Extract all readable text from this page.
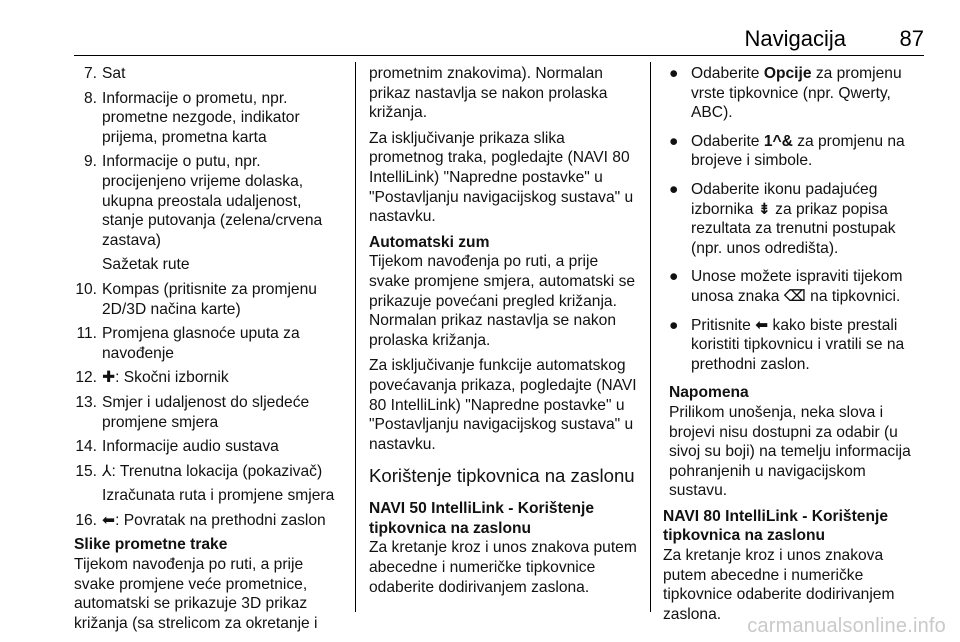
Navigacija 87
7. Sat
8. Informacije o prometu, npr. prometne nezgode, indikator prijema, prometna karta
9. Informacije o putu, npr. procijenjeno vrijeme dolaska, ukupna preostala udaljenost, stanje putovanja (zelena/crvena zastava)
Sažetak rute
10. Kompas (pritisnite za promjenu 2D/3D načina karte)
11. Promjena glasnoće uputa za navođenje
12. ✚: Skočni izbornik
13. Smjer i udaljenost do sljedeće promjene smjera
14. Informacije audio sustava
15. ⅄: Trenutna lokacija (pokazivač)
Izračunata ruta i promjene smjera
16. ⬅: Povratak na prethodni zaslon
Slike prometne trake

Tijekom navođenja po ruti, a prije svake promjene veće prometnice, automatski se prikazuje 3D prikaz križanja (sa strelicom za okretanje i

prometnim znakovima). Normalan prikaz nastavlja se nakon prolaska križanja.

Za isključivanje prikaza slika prometnog traka, pogledajte (NAVI 80 IntelliLink) "Napredne postavke" u "Postavljanju navigacijskog sustava" u nastavku.

Automatski zum

Tijekom navođenja po ruti, a prije svake promjene smjera, automatski se prikazuje povećani pregled križanja. Normalan prikaz nastavlja se nakon prolaska križanja.

Za isključivanje funkcije automatskog povećavanja prikaza, pogledajte (NAVI 80 IntelliLink) "Napredne postavke" u "Postavljanju navigacijskog sustava" u nastavku.

Korištenje tipkovnica na zaslonu
NAVI 50 IntelliLink - Korištenje tipkovnica na zaslonu

Za kretanje kroz i unos znakova putem abecedne i numeričke tipkovnice odaberite dodirivanjem zaslona.

● Odaberite Opcije za promjenu vrste tipkovnice (npr. Qwerty, ABC).
● Odaberite 1^& za promjenu na brojeve i simbole.
● Odaberite ikonu padajućeg izbornika ⇟ za prikaz popisa rezultata za trenutni postupak (npr. unos odredišta).
● Unose možete ispraviti tijekom unosa znaka ⌫ na tipkovnici.
● Pritisnite ⬅ kako biste prestali koristiti tipkovnicu i vratili se na prethodni zaslon.
Napomena
Prilikom unošenja, neka slova i brojevi nisu dostupni za odabir (u sivoj su boji) na temelju informacija pohranjenih u navigacijskom sustavu.
NAVI 80 IntelliLink - Korištenje tipkovnica na zaslonu

Za kretanje kroz i unos znakova putem abecedne i numeričke tipkovnice odaberite dodirivanjem zaslona.

carmanualsonline.info
